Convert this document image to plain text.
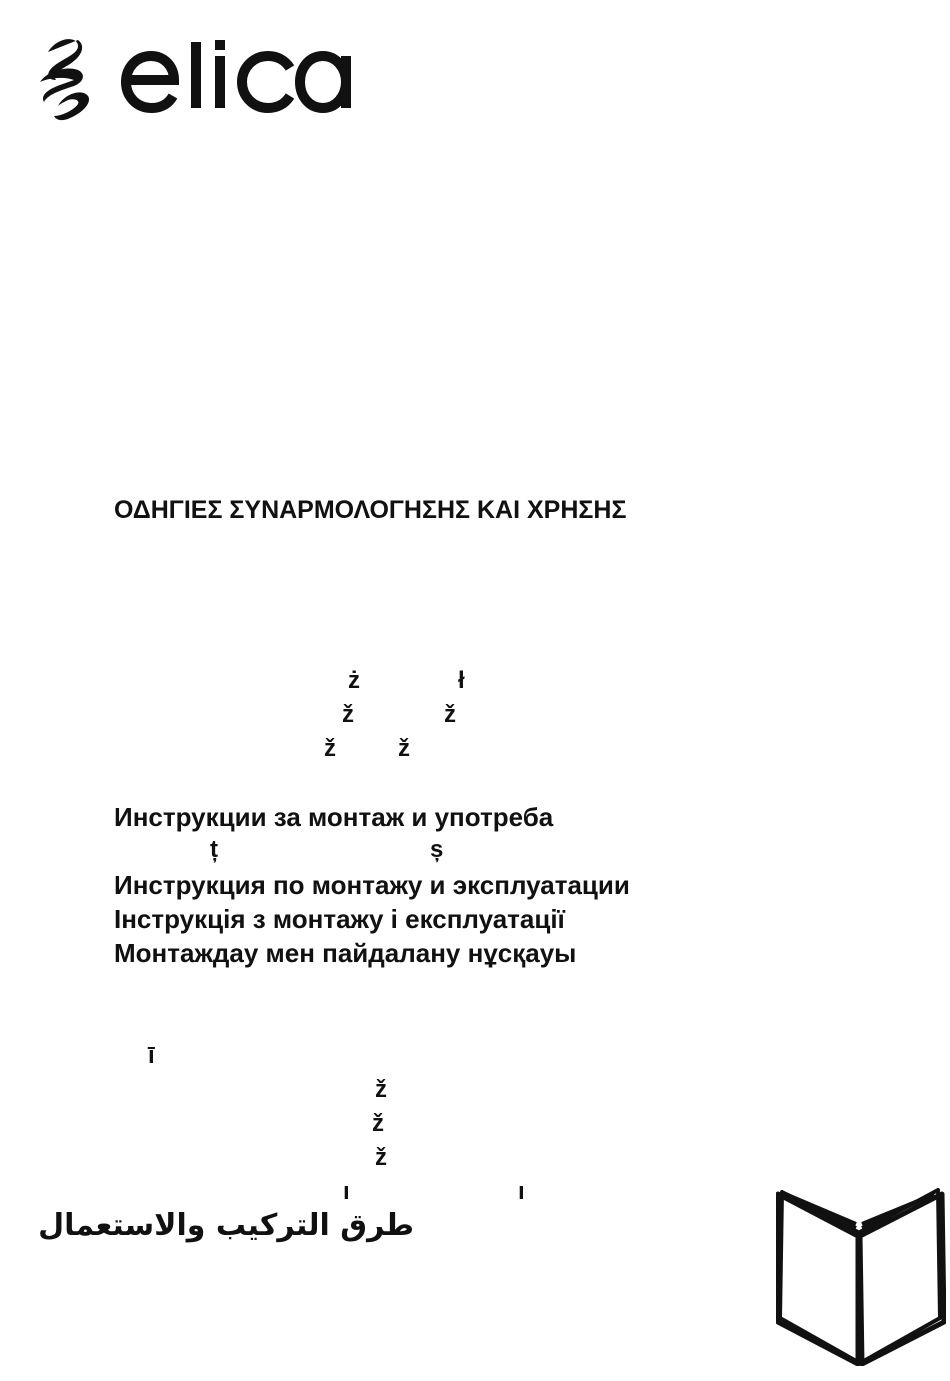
ΟΔΗΓΙΕΣ ΣΥΝΑΡΜΟΛΟΓΗΣΗΣ ΚΑΙ ΧΡΗΣΗΣ
ż	ł
ž	ž
ž	ž
Инструкции за монтаж и употреба
ț	ș
Инструкция по монтажу и эксплуатации
Інструкція з монтажу і експлуатації
Монтаждау мен пайдалану нұсқауы
ī
ž
ž
ž
ı	ı
طرق التركيب والاستعمال
